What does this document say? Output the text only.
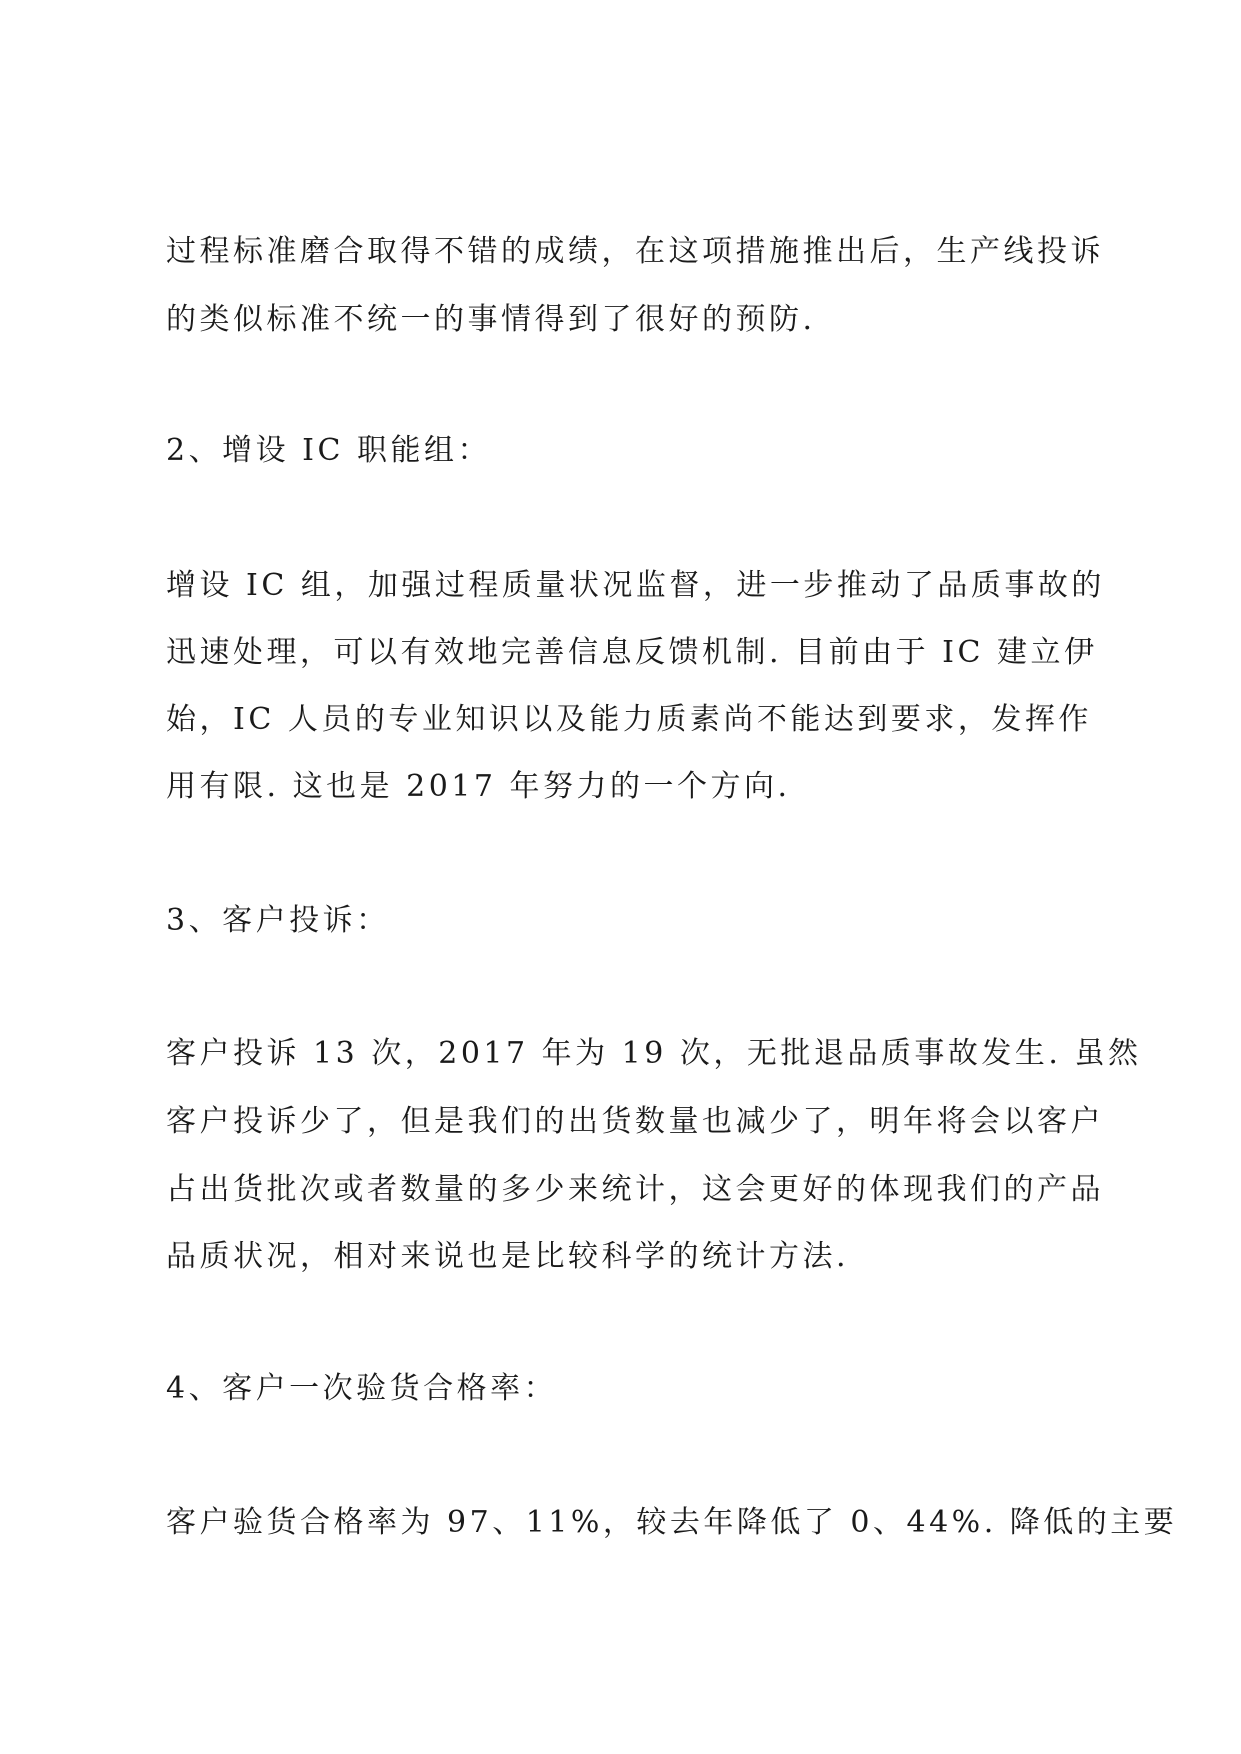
过程标准磨合取得不错的成绩，在这项措施推出后，生产线投诉
的类似标准不统一的事情得到了很好的预防.
2、增设 IC 职能组：
增设 IC 组，加强过程质量状况监督，进一步推动了品质事故的
迅速处理，可以有效地完善信息反馈机制. 目前由于 IC 建立伊
始，IC 人员的专业知识以及能力质素尚不能达到要求，发挥作
用有限. 这也是 2017 年努力的一个方向.
3、客户投诉：
客户投诉 13 次，2017 年为 19 次，无批退品质事故发生. 虽然
客户投诉少了，但是我们的出货数量也减少了，明年将会以客户
占出货批次或者数量的多少来统计，这会更好的体现我们的产品
品质状况，相对来说也是比较科学的统计方法.
4、客户一次验货合格率：
客户验货合格率为 97、11%，较去年降低了 0、44%. 降低的主要
